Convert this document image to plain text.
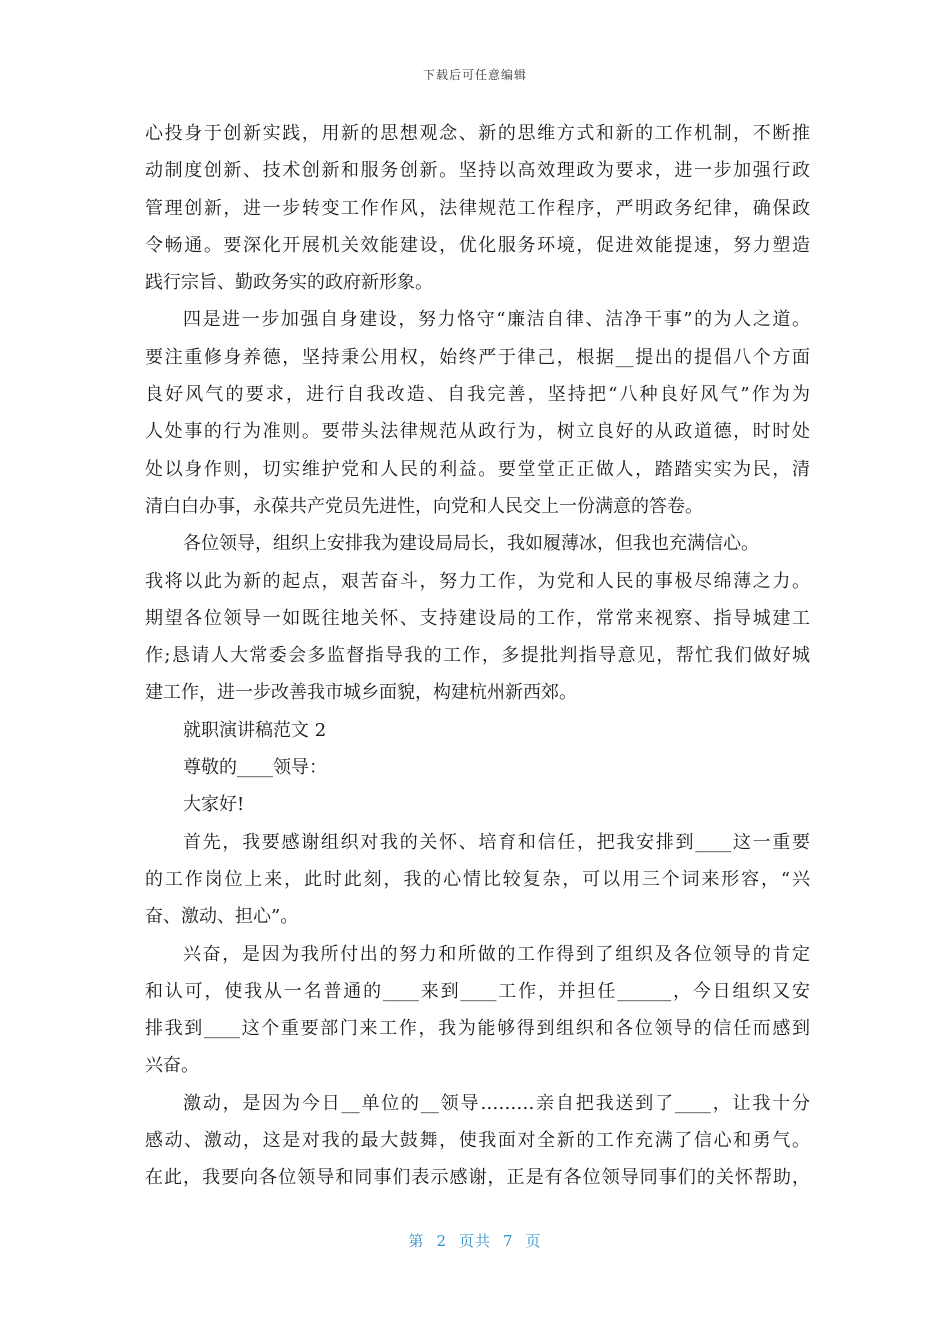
下载后可任意编辑
心投身于创新实践，用新的思想观念、新的思维方式和新的工作机制，不断推
动制度创新、技术创新和服务创新。坚持以高效理政为要求，进一步加强行政
管理创新，进一步转变工作作风，法律规范工作程序，严明政务纪律，确保政
令畅通。要深化开展机关效能建设，优化服务环境，促进效能提速，努力塑造
践行宗旨、勤政务实的政府新形象。
四是进一步加强自身建设，努力恪守“廉洁自律、洁净干事”的为人之道。
要注重修身养德，坚持秉公用权，始终严于律己，根据__提出的提倡八个方面
良好风气的要求，进行自我改造、自我完善，坚持把“八种良好风气”作为为
人处事的行为准则。要带头法律规范从政行为，树立良好的从政道德，时时处
处以身作则，切实维护党和人民的利益。要堂堂正正做人，踏踏实实为民，清
清白白办事，永葆共产党员先进性，向党和人民交上一份满意的答卷。
各位领导，组织上安排我为建设局局长，我如履薄冰，但我也充满信心。
我将以此为新的起点，艰苦奋斗，努力工作，为党和人民的事极尽绵薄之力。
期望各位领导一如既往地关怀、支持建设局的工作，常常来视察、指导城建工
作;恳请人大常委会多监督指导我的工作，多提批判指导意见，帮忙我们做好城
建工作，进一步改善我市城乡面貌，构建杭州新西郊。
就职演讲稿范文 2
尊敬的____领导：
大家好!
首先，我要感谢组织对我的关怀、培育和信任，把我安排到____这一重要
的工作岗位上来，此时此刻，我的心情比较复杂，可以用三个词来形容，“兴
奋、激动、担心”。
兴奋，是因为我所付出的努力和所做的工作得到了组织及各位领导的肯定
和认可，使我从一名普通的____来到____工作，并担任______，今日组织又安
排我到____这个重要部门来工作，我为能够得到组织和各位领导的信任而感到
兴奋。
激动，是因为今日__单位的__领导………亲自把我送到了____，让我十分
感动、激动，这是对我的最大鼓舞，使我面对全新的工作充满了信心和勇气。
在此，我要向各位领导和同事们表示感谢，正是有各位领导同事们的关怀帮助，
第 2 页共 7 页
